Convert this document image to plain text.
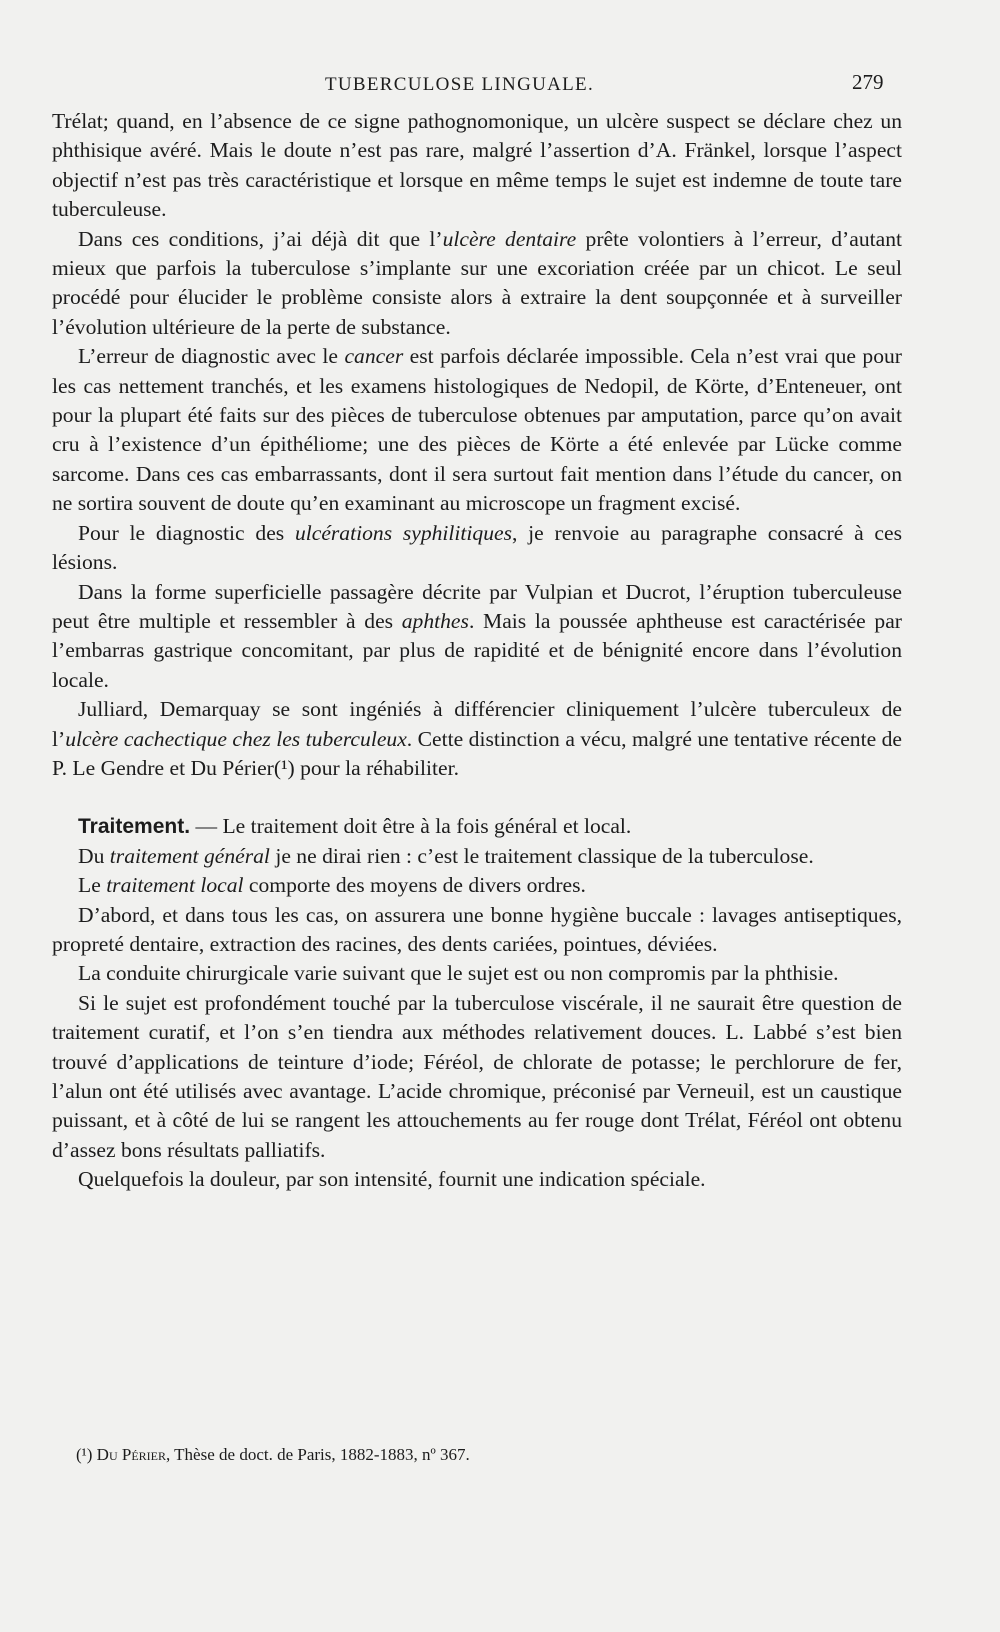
TUBERCULOSE LINGUALE.	279

Trélat; quand, en l’absence de ce signe pathognomonique, un ulcère suspect se déclare chez un phthisique avéré. Mais le doute n’est pas rare, malgré l’assertion d’A. Fränkel, lorsque l’aspect objectif n’est pas très caractéristique et lorsque en même temps le sujet est indemne de toute tare tuberculeuse.

Dans ces conditions, j’ai déjà dit que l’ulcère dentaire prête volontiers à l’erreur, d’autant mieux que parfois la tuberculose s’implante sur une excoriation créée par un chicot. Le seul procédé pour élucider le problème consiste alors à extraire la dent soupçonnée et à surveiller l’évolution ultérieure de la perte de substance.

L’erreur de diagnostic avec le cancer est parfois déclarée impossible. Cela n’est vrai que pour les cas nettement tranchés, et les examens histologiques de Nedopil, de Körte, d’Enteneuer, ont pour la plupart été faits sur des pièces de tuberculose obtenues par amputation, parce qu’on avait cru à l’existence d’un épithéliome; une des pièces de Körte a été enlevée par Lücke comme sarcome. Dans ces cas embarrassants, dont il sera surtout fait mention dans l’étude du cancer, on ne sortira souvent de doute qu’en examinant au microscope un fragment excisé.

Pour le diagnostic des ulcérations syphilitiques, je renvoie au paragraphe consacré à ces lésions.

Dans la forme superficielle passagère décrite par Vulpian et Ducrot, l’éruption tuberculeuse peut être multiple et ressembler à des aphthes. Mais la poussée aphtheuse est caractérisée par l’embarras gastrique concomitant, par plus de rapidité et de bénignité encore dans l’évolution locale.

Julliard, Demarquay se sont ingéniés à différencier cliniquement l’ulcère tuberculeux de l’ulcère cachectique chez les tuberculeux. Cette distinction a vécu, malgré une tentative récente de P. Le Gendre et Du Périer(¹) pour la réhabiliter.

Traitement. — Le traitement doit être à la fois général et local.

Du traitement général je ne dirai rien : c’est le traitement classique de la tuberculose.

Le traitement local comporte des moyens de divers ordres.

D’abord, et dans tous les cas, on assurera une bonne hygiène buccale : lavages antiseptiques, propreté dentaire, extraction des racines, des dents cariées, pointues, déviées.

La conduite chirurgicale varie suivant que le sujet est ou non compromis par la phthisie.

Si le sujet est profondément touché par la tuberculose viscérale, il ne saurait être question de traitement curatif, et l’on s’en tiendra aux méthodes relativement douces. L. Labbé s’est bien trouvé d’applications de teinture d’iode; Féréol, de chlorate de potasse; le perchlorure de fer, l’alun ont été utilisés avec avantage. L’acide chromique, préconisé par Verneuil, est un caustique puissant, et à côté de lui se rangent les attouchements au fer rouge dont Trélat, Féréol ont obtenu d’assez bons résultats palliatifs.

Quelquefois la douleur, par son intensité, fournit une indication spéciale.

(¹) Du Périer, Thèse de doct. de Paris, 1882-1883, nº 367.
